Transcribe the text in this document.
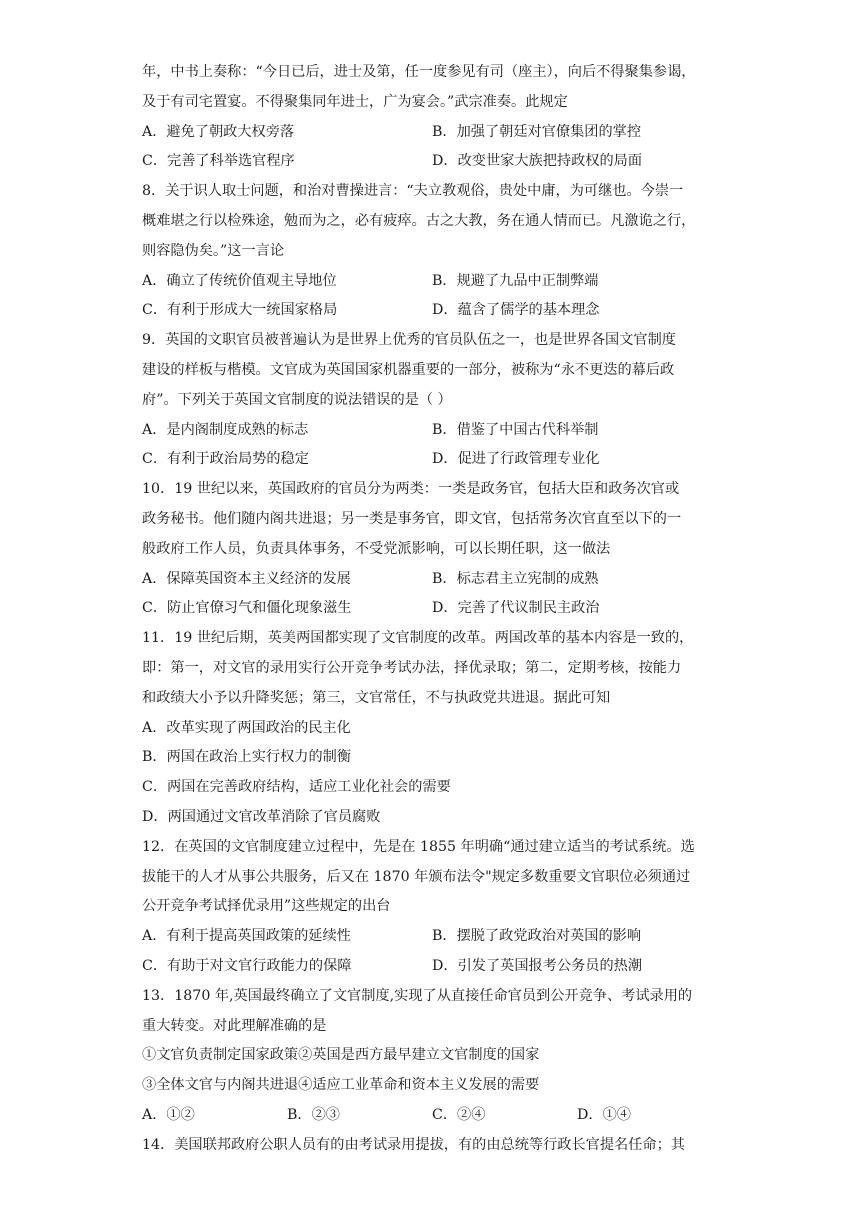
年，中书上奏称：“今日已后，进士及第，任一度参见有司（座主），向后不得聚集参谒，
及于有司宅置宴。不得聚集同年进士，广为宴会。”武宗准奏。此规定
A．避免了朝政大权旁落	B．加强了朝廷对官僚集团的掌控
C．完善了科举选官程序	D．改变世家大族把持政权的局面
8．关于识人取士问题，和治对曹操进言：“夫立教观俗，贵处中庸，为可继也。今崇一
概难堪之行以检殊途，勉而为之，必有疲瘁。古之大教，务在通人情而已。凡激诡之行，
则容隐伪矣。”这一言论
A．确立了传统价值观主导地位	B．规避了九品中正制弊端
C．有利于形成大一统国家格局	D．蕴含了儒学的基本理念
9．英国的文职官员被普遍认为是世界上优秀的官员队伍之一，也是世界各国文官制度
建设的样板与楷模。文官成为英国国家机器重要的一部分，被称为“永不更迭的幕后政
府”。下列关于英国文官制度的说法错误的是（ ）
A．是内阁制度成熟的标志	B．借鉴了中国古代科举制
C．有利于政治局势的稳定	D．促进了行政管理专业化
10．19 世纪以来，英国政府的官员分为两类：一类是政务官，包括大臣和政务次官或
政务秘书。他们随内阁共进退；另一类是事务官，即文官，包括常务次官直至以下的一
般政府工作人员，负责具体事务，不受党派影响，可以长期任职，这一做法
A．保障英国资本主义经济的发展	B．标志君主立宪制的成熟
C．防止官僚习气和僵化现象滋生	D．完善了代议制民主政治
11．19 世纪后期，英美两国都实现了文官制度的改革。两国改革的基本内容是一致的，
即：第一，对文官的录用实行公开竞争考试办法，择优录取；第二，定期考核，按能力
和政绩大小予以升降奖惩；第三，文官常任，不与执政党共进退。据此可知
A．改革实现了两国政治的民主化
B．两国在政治上实行权力的制衡
C．两国在完善政府结构，适应工业化社会的需要
D．两国通过文官改革消除了官员腐败
12．在英国的文官制度建立过程中，先是在 1855 年明确“通过建立适当的考试系统。选
拔能干的人才从事公共服务，后又在 1870 年颁布法令"规定多数重要文官职位必须通过
公开竞争考试择优录用”这些规定的出台
A．有利于提高英国政策的延续性	B．摆脱了政党政治对英国的影响
C．有助于对文官行政能力的保障	D．引发了英国报考公务员的热潮
13．1870 年,英国最终确立了文官制度,实现了从直接任命官员到公开竞争、考试录用的
重大转变。对此理解准确的是
①文官负责制定国家政策②英国是西方最早建立文官制度的国家
③全体文官与内阁共进退④适应工业革命和资本主义发展的需要
A．①②	B．②③	C．②④	D．①④
14．美国联邦政府公职人员有的由考试录用提拔，有的由总统等行政长官提名任命；其
